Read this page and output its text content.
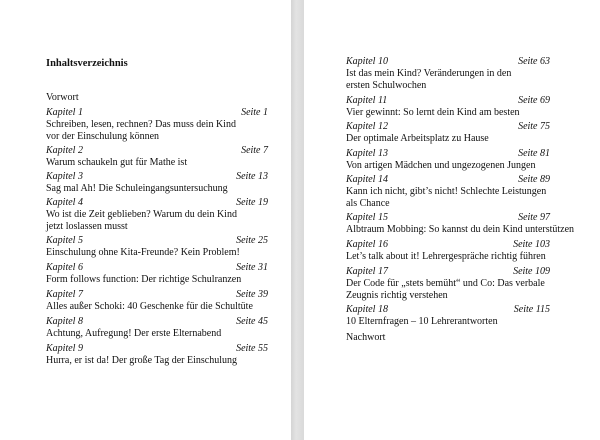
Inhaltsverzeichnis
Vorwort
Kapitel 1	Seite 1
Schreiben, lesen, rechnen? Das muss dein Kind
vor der Einschulung können
Kapitel 2	Seite 7
Warum schaukeln gut für Mathe ist
Kapitel 3	Seite 13
Sag mal Ah! Die Schuleingangsuntersuchung
Kapitel 4	Seite 19
Wo ist die Zeit geblieben? Warum du dein Kind
jetzt loslassen musst
Kapitel 5	Seite 25
Einschulung ohne Kita-Freunde? Kein Problem!
Kapitel 6	Seite 31
Form follows function: Der richtige Schulranzen
Kapitel 7	Seite 39
Alles außer Schoki: 40 Geschenke für die Schultüte
Kapitel 8	Seite 45
Achtung, Aufregung! Der erste Elternabend
Kapitel 9	Seite 55
Hurra, er ist da! Der große Tag der Einschulung
Kapitel 10	Seite 63
Ist das mein Kind? Veränderungen in den
ersten Schulwochen
Kapitel 11	Seite 69
Vier gewinnt: So lernt dein Kind am besten
Kapitel 12	Seite 75
Der optimale Arbeitsplatz zu Hause
Kapitel 13	Seite 81
Von artigen Mädchen und ungezogenen Jungen
Kapitel 14	Seite 89
Kann ich nicht, gibt’s nicht! Schlechte Leistungen
als Chance
Kapitel 15	Seite 97
Albtraum Mobbing: So kannst du dein Kind unterstützen
Kapitel 16	Seite 103
Let’s talk about it! Lehrergespräche richtig führen
Kapitel 17	Seite 109
Der Code für „stets bemüht“ und Co: Das verbale
Zeugnis richtig verstehen
Kapitel 18	Seite 115
10 Elternfragen – 10 Lehrerantworten
Nachwort
